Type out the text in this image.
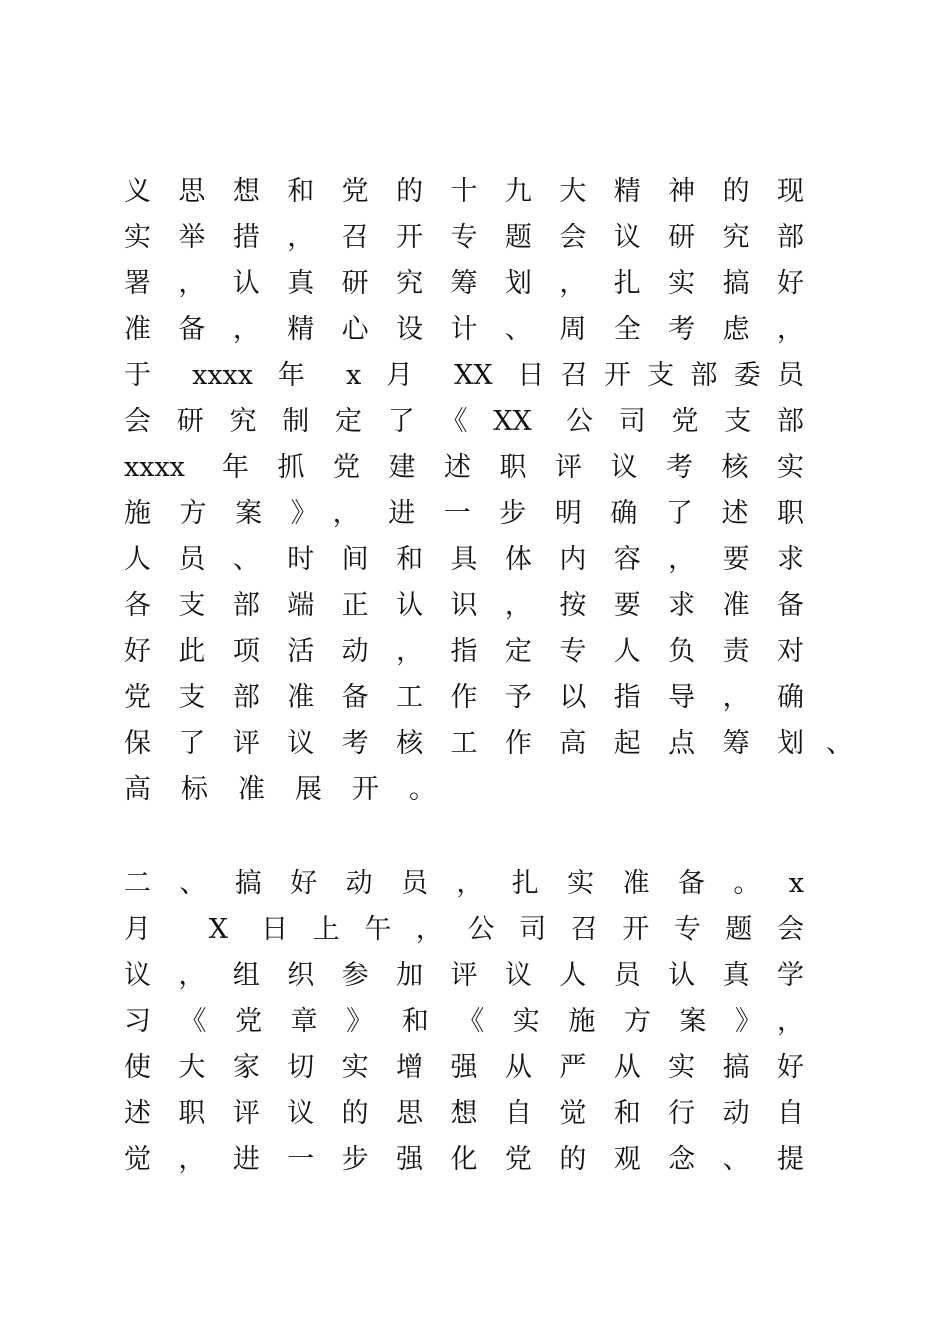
义思想和党的十九大精神的现
实举措，召开专题会议研究部
署，认真研究筹划，扎实搞好
准备，精心设计、周全考虑，
于 xxxx 年 x 月 XX 日召开支部委员
会研究制定了《XX 公司党支部
xxxx 年抓党建述职评议考核实
施方案》，进一步明确了述职
人员、时间和具体内容，要求
各支部端正认识，按要求准备
好此项活动，指定专人负责对
党支部准备工作予以指导，确
保了评议考核工作高起点筹划 、
高标准展开。
二、搞好动员，扎实准备。x
月 X 日上午，公司召开专题会
议，组织参加评议人员认真学
习《党章》和《实施方案》，
使大家切实增强从严从实搞好
述职评议的思想自觉和行动自
觉，进一步强化党的观念、提
